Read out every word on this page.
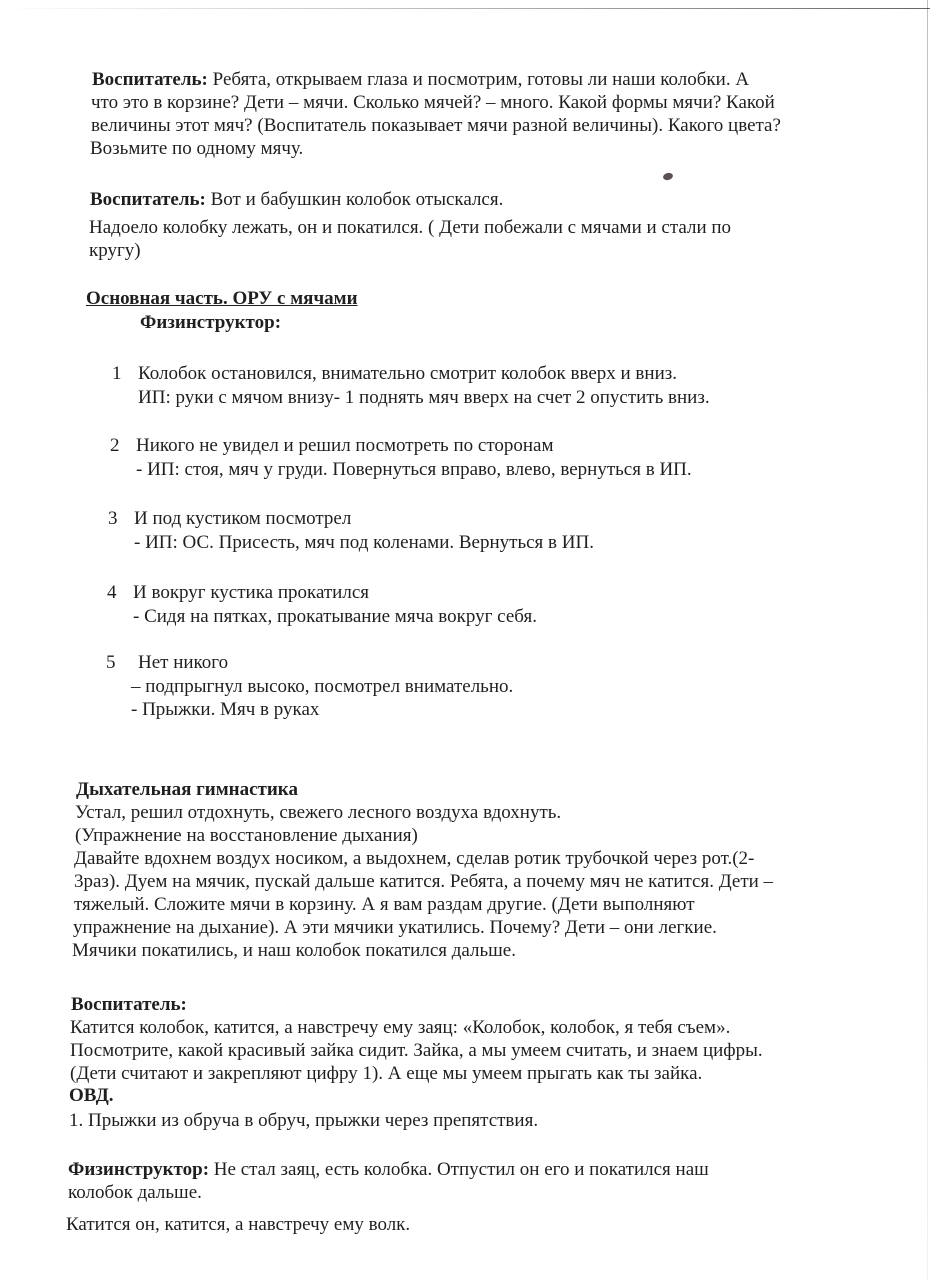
Воспитатель: Ребята, открываем глаза и посмотрим, готовы ли наши колобки. А
что это в корзине? Дети – мячи. Сколько мячей? – много. Какой формы мячи? Какой
величины этот мяч? (Воспитатель показывает мячи разной величины). Какого цвета?
Возьмите по одному мячу.
Воспитатель: Вот и бабушкин колобок отыскался.
Надоело колобку лежать, он и покатился. ( Дети побежали с мячами и стали по
кругу)
Основная часть. ОРУ с мячами
Физинструктор:
1 Колобок остановился, внимательно смотрит колобок вверх и вниз.
ИП: руки с мячом внизу- 1 поднять мяч вверх на счет 2 опустить вниз.
2 Никого не увидел и решил посмотреть по сторонам
- ИП: стоя, мяч у груди. Повернуться вправо, влево, вернуться в ИП.
3 И под кустиком посмотрел
- ИП: ОС. Присесть, мяч под коленами. Вернуться в ИП.
4 И вокруг кустика прокатился
- Сидя на пятках, прокатывание мяча вокруг себя.
5 Нет никого
– подпрыгнул высоко, посмотрел внимательно.
- Прыжки. Мяч в руках
Дыхательная гимнастика
Устал, решил отдохнуть, свежего лесного воздуха вдохнуть.
(Упражнение на восстановление дыхания)
Давайте вдохнем воздух носиком, а выдохнем, сделав ротик трубочкой через рот.(2-
3раз). Дуем на мячик, пускай дальше катится. Ребята, а почему мяч не катится. Дети –
тяжелый. Сложите мячи в корзину. А я вам раздам другие. (Дети выполняют
упражнение на дыхание). А эти мячики укатились. Почему? Дети – они легкие.
Мячики покатились, и наш колобок покатился дальше.
Воспитатель:
Катится колобок, катится, а навстречу ему заяц: «Колобок, колобок, я тебя съем».
Посмотрите, какой красивый зайка сидит. Зайка, а мы умеем считать, и знаем цифры.
(Дети считают и закрепляют цифру 1). А еще мы умеем прыгать как ты зайка.
ОВД.
1. Прыжки из обруча в обруч, прыжки через препятствия.
Физинструктор: Не стал заяц, есть колобка. Отпустил он его и покатился наш
колобок дальше.
Катится он, катится, а навстречу ему волк.
